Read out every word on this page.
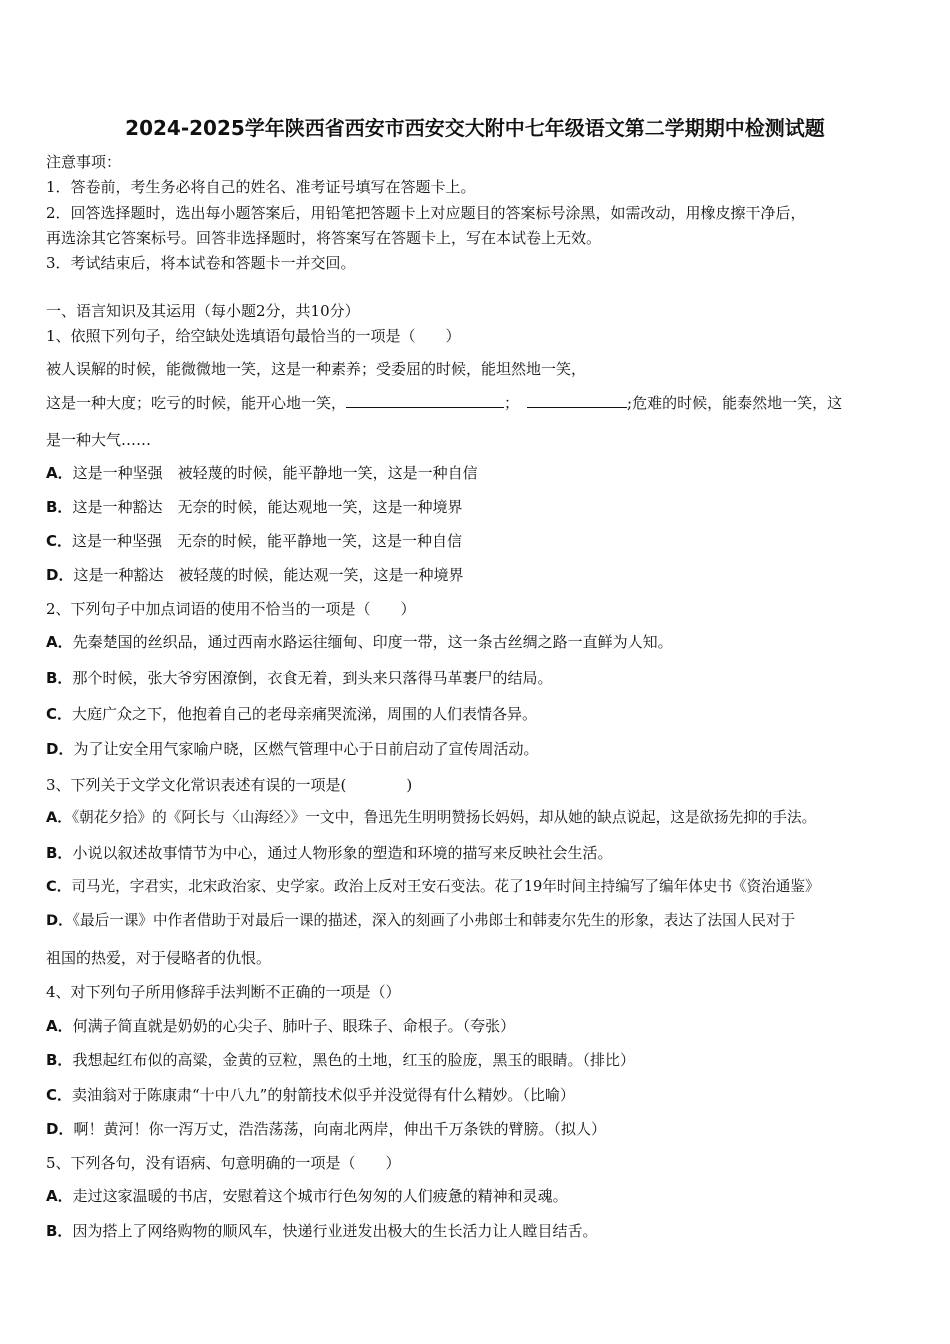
2024-2025学年陕西省西安市西安交大附中七年级语文第二学期期中检测试题
注意事项：
1．答卷前，考生务必将自己的姓名、准考证号填写在答题卡上。
2．回答选择题时，选出每小题答案后，用铅笔把答题卡上对应题目的答案标号涂黑，如需改动，用橡皮擦干净后，
再选涂其它答案标号。回答非选择题时，将答案写在答题卡上，写在本试卷上无效。
3．考试结束后，将本试卷和答题卡一并交回。
一、语言知识及其运用（每小题2分，共10分）
1、依照下列句子，给空缺处选填语句最恰当的一项是（　　）
被人误解的时候，能微微地一笑，这是一种素养；受委屈的时候，能坦然地一笑，
这是一种大度；吃亏的时候，能开心地一笑，	；	;危难的时候，能泰然地一笑，这
是一种大气……
A．这是一种坚强　被轻蔑的时候，能平静地一笑，这是一种自信
B．这是一种豁达　无奈的时候，能达观地一笑，这是一种境界
C．这是一种坚强　无奈的时候，能平静地一笑，这是一种自信
D．这是一种豁达　被轻蔑的时候，能达观一笑，这是一种境界
2、下列句子中加点词语的使用不恰当的一项是（　　）
A．先秦楚国的丝织品，通过西南水路运往缅甸、印度一带，这一条古丝绸之路一直鲜为人知。
B．那个时候，张大爷穷困潦倒，衣食无着，到头来只落得马革裹尸的结局。
C．大庭广众之下，他抱着自己的老母亲痛哭流涕，周围的人们表情各异。
D．为了让安全用气家喻户晓，区燃气管理中心于日前启动了宣传周活动。
3、下列关于文学文化常识表述有误的一项是(　　　　)
A．《朝花夕拾》的《阿长与〈山海经〉》一文中，鲁迅先生明明赞扬长妈妈，却从她的缺点说起，这是欲扬先抑的手法。
B．小说以叙述故事情节为中心，通过人物形象的塑造和环境的描写来反映社会生活。
C．司马光，字君实，北宋政治家、史学家。政治上反对王安石变法。花了19年时间主持编写了编年体史书《资治通鉴》
D．《最后一课》中作者借助于对最后一课的描述，深入的刻画了小弗郎士和韩麦尔先生的形象，表达了法国人民对于
祖国的热爱，对于侵略者的仇恨。
4、对下列句子所用修辞手法判断不正确的一项是（）
A．何满子简直就是奶奶的心尖子、肺叶子、眼珠子、命根子。（夸张）
B．我想起红布似的高粱，金黄的豆粒，黑色的土地，红玉的脸庞，黑玉的眼睛。（排比）
C．卖油翁对于陈康肃“十中八九”的射箭技术似乎并没觉得有什么精妙。（比喻）
D．啊！黄河！你一泻万丈，浩浩荡荡，向南北两岸，伸出千万条铁的臂膀。（拟人）
5、下列各句，没有语病、句意明确的一项是（　　）
A．走过这家温暖的书店，安慰着这个城市行色匆匆的人们疲惫的精神和灵魂。
B．因为搭上了网络购物的顺风车，快递行业迸发出极大的生长活力让人瞠目结舌。
